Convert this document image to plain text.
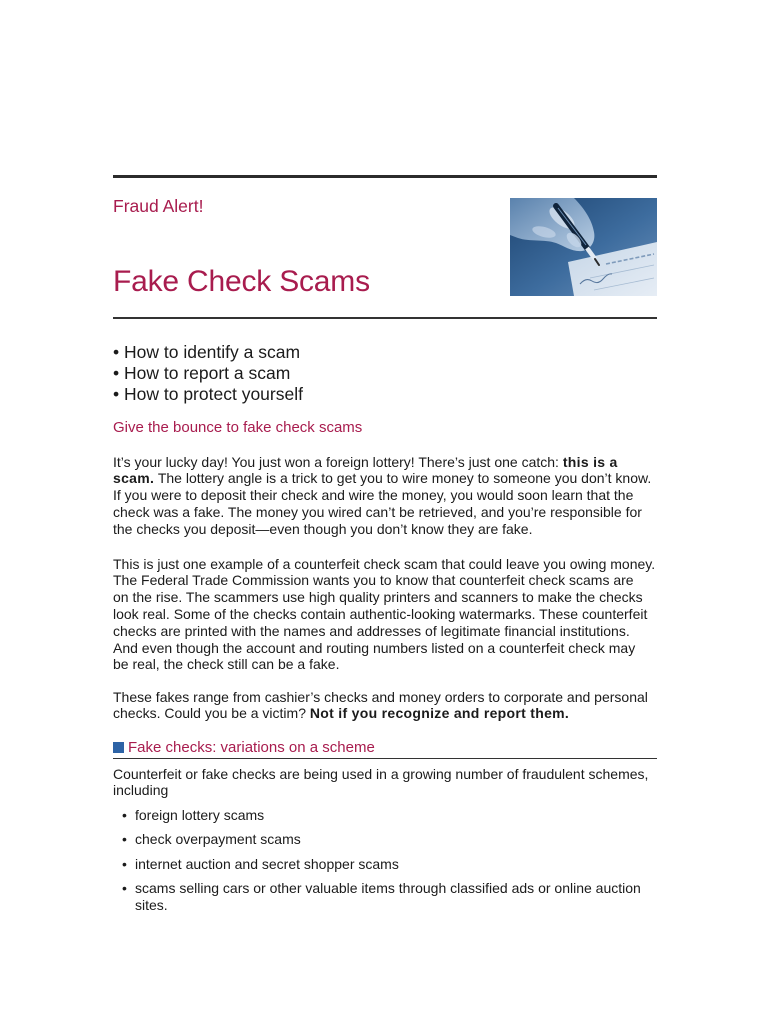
Fraud Alert!
Fake Check Scams
• How to identify a scam
• How to report a scam
• How to protect yourself
Give the bounce to fake check scams
It’s your lucky day! You just won a foreign lottery! There’s just one catch: this is a
scam. The lottery angle is a trick to get you to wire money to someone you don’t know.
If you were to deposit their check and wire the money, you would soon learn that the
check was a fake. The money you wired can’t be retrieved, and you’re responsible for
the checks you deposit—even though you don’t know they are fake.
This is just one example of a counterfeit check scam that could leave you owing money.
The Federal Trade Commission wants you to know that counterfeit check scams are
on the rise. The scammers use high quality printers and scanners to make the checks
look real. Some of the checks contain authentic-looking watermarks. These counterfeit
checks are printed with the names and addresses of legitimate financial institutions.
And even though the account and routing numbers listed on a counterfeit check may
be real, the check still can be a fake.
These fakes range from cashier’s checks and money orders to corporate and personal
checks. Could you be a victim? Not if you recognize and report them.
Fake checks: variations on a scheme
Counterfeit or fake checks are being used in a growing number of fraudulent schemes,
including
• foreign lottery scams
• check overpayment scams
• internet auction and secret shopper scams
• scams selling cars or other valuable items through classified ads or online auction
sites.
